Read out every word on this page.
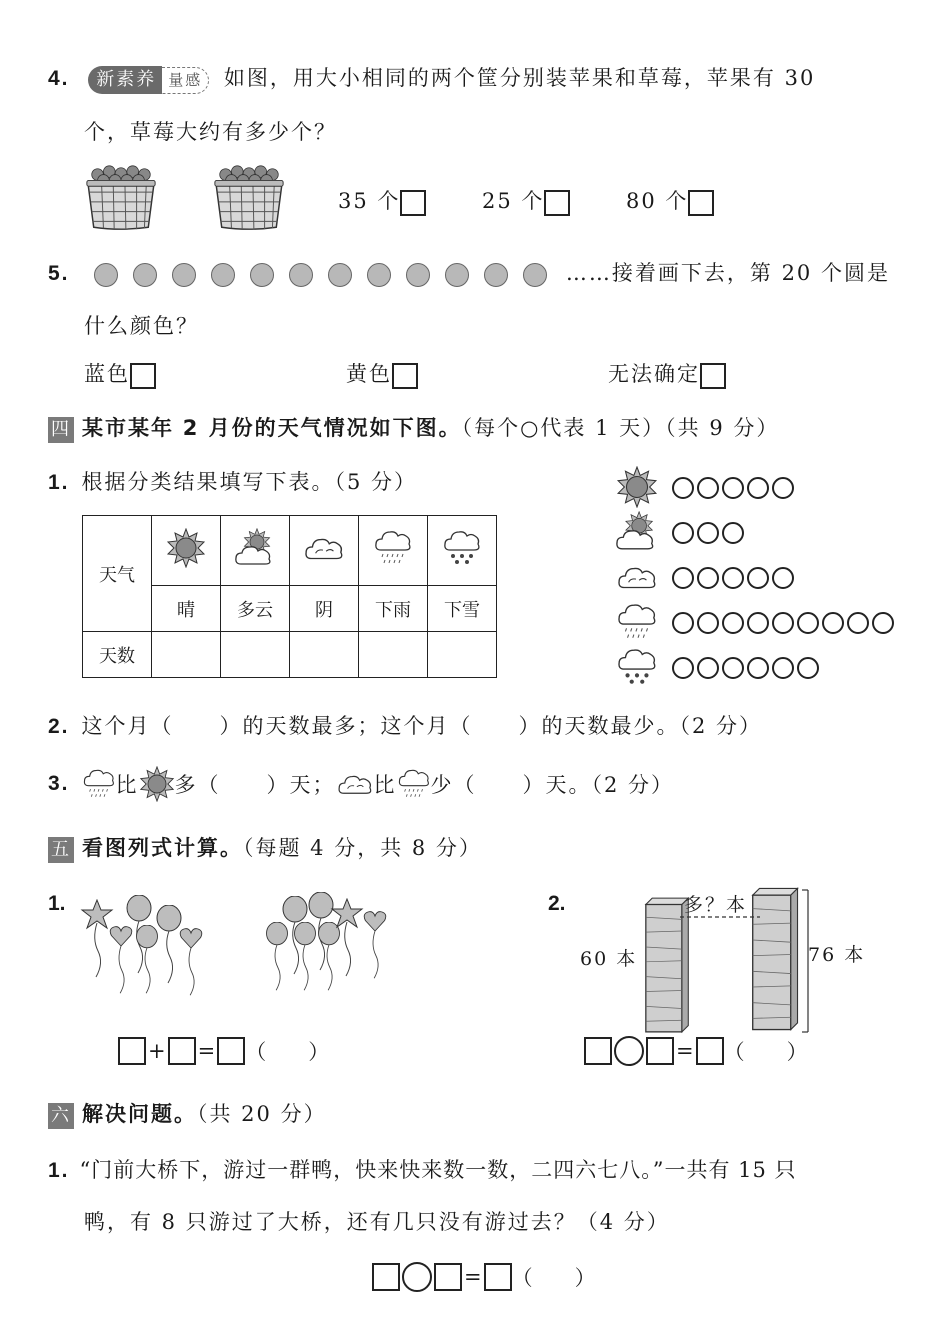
4. 新素养 量感 如图，用大小相同的两个筐分别装苹果和草莓，苹果有 30
个，草莓大约有多少个？
35 个	25 个	80 个
5.	……接着画下去，第 20 个圆是
什么颜色？
蓝色	黄色	无法确定
四 某市某年 2 月份的天气情况如下图。（每个○代表 1 天）（共 9 分）
1. 根据分类结果填写下表。（5 分）
天气					
	晴	多云	阴	下雨	下雪
天数					
2. 这个月（　　）的天数最多；这个月（　　）的天数最少。（2 分）
3. 比 多（　　）天； 比 少（　　）天。（2 分）
五 看图列式计算。（每题 4 分，共 8 分）
1.
+ = （　　）
2.	多？本
60 本	76 本
= （　　）
六 解决问题。（共 20 分）
1. “门前大桥下，游过一群鸭，快来快来数一数，二四六七八。”一共有 15 只
鸭，有 8 只游过了大桥，还有几只没有游过去？（4 分）
= （　　）
